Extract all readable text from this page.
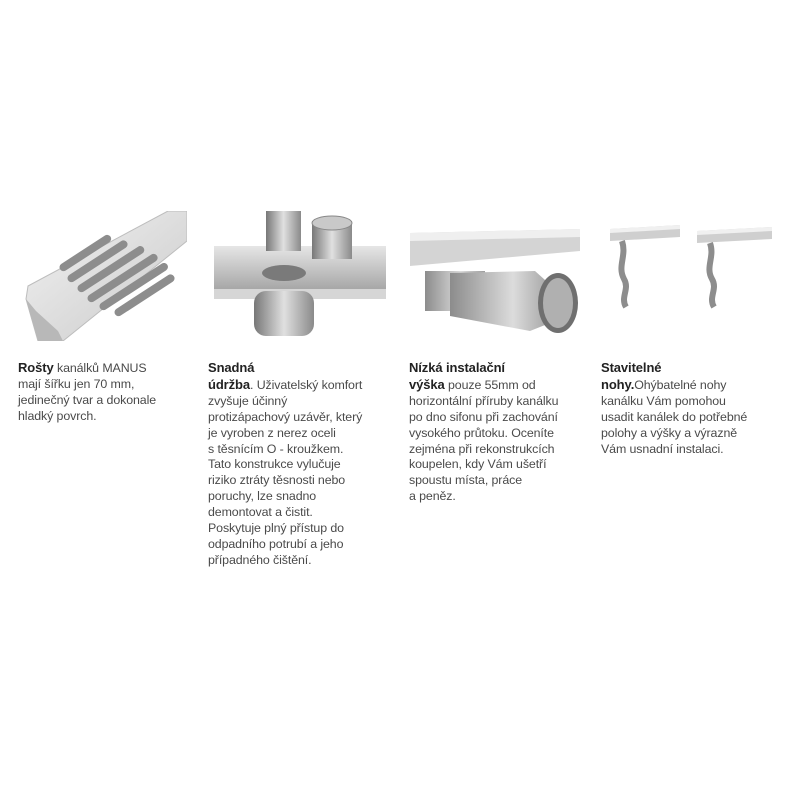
Rošty kanálků MANUS
mají šířku jen 70 mm,
jedinečný tvar a dokonale
hladký povrch.
Snadná
údržba. Uživatelský komfort
zvyšuje účinný
protizápachový uzávěr, který
je vyroben z nerez oceli
s těsnícím O - kroužkem.
Tato konstrukce vylučuje
riziko ztráty těsnosti nebo
poruchy, lze snadno
demontovat a čistit.
Poskytuje plný přístup do
odpadního potrubí a jeho
případného čištění.
Nízká instalační
výška pouze 55mm od
horizontální příruby kanálku
po dno sifonu při zachování
vysokého průtoku. Oceníte
zejména při rekonstrukcích
koupelen, kdy Vám ušetří
spoustu místa, práce
a peněz.
Stavitelné
nohy.Ohýbatelné nohy
kanálku Vám pomohou
usadit kanálek do potřebné
polohy a výšky a výrazně
Vám usnadní instalaci.
